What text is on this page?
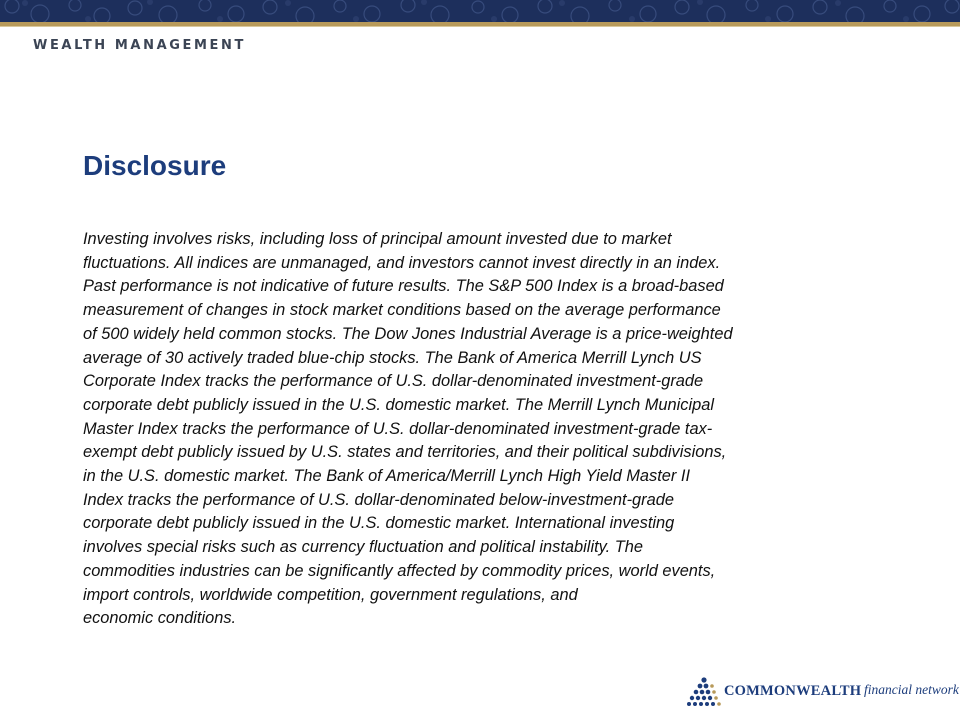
WEALTH MANAGEMENT
Disclosure
Investing involves risks, including loss of principal amount invested due to market
fluctuations. All indices are unmanaged, and investors cannot invest directly in an index.
Past performance is not indicative of future results. The S&P 500 Index is a broad-based
measurement of changes in stock market conditions based on the average performance
of 500 widely held common stocks. The Dow Jones Industrial Average is a price-weighted
average of 30 actively traded blue-chip stocks. The Bank of America Merrill Lynch US
Corporate Index tracks the performance of U.S. dollar-denominated investment-grade
corporate debt publicly issued in the U.S. domestic market. The Merrill Lynch Municipal
Master Index tracks the performance of U.S. dollar-denominated investment-grade tax-
exempt debt publicly issued by U.S. states and territories, and their political subdivisions,
in the U.S. domestic market. The Bank of America/Merrill Lynch High Yield Master II
Index tracks the performance of U.S. dollar-denominated below-investment-grade
corporate debt publicly issued in the U.S. domestic market. International investing
involves special risks such as currency fluctuation and political instability. The
commodities industries can be significantly affected by commodity prices, world events,
import controls, worldwide competition, government regulations, and
economic conditions.
COMMONWEALTH financial network
